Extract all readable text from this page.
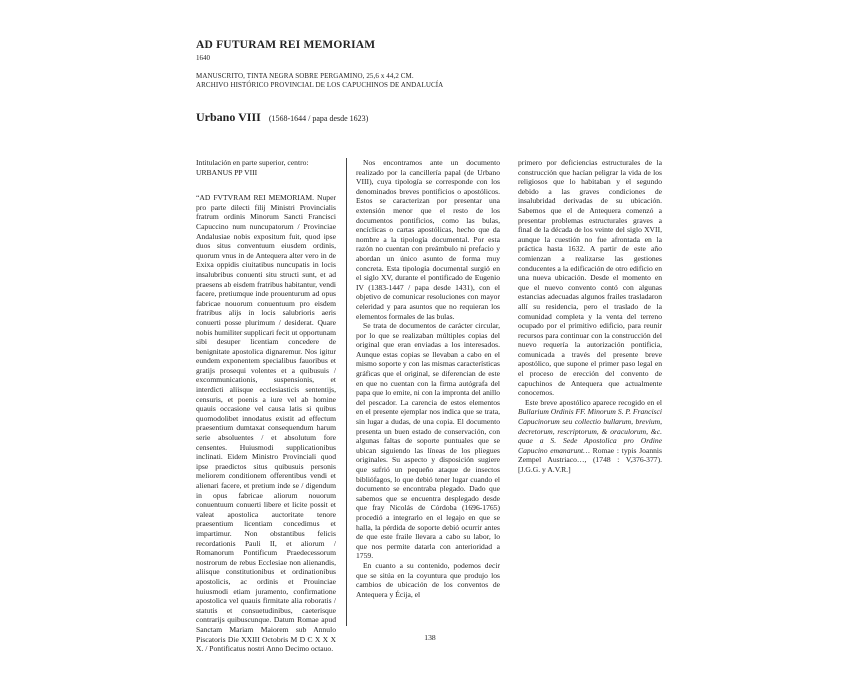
AD FUTURAM REI MEMORIAM
1640
MANUSCRITO, TINTA NEGRA SOBRE PERGAMINO, 25,6 x 44,2 CM.
ARCHIVO HISTÓRICO PROVINCIAL DE LOS CAPUCHINOS DE ANDALUCÍA
Urbano VIII (1568-1644 / papa desde 1623)
Intitulación en parte superior, centro:
URBANUS PP VIII

“AD FVTVRAM REI MEMORIAM. Nuper pro parte dilecti filij Ministri Provincialis fratrum ordinis Minorum Sancti Francisci Capuccino num nuncupatorum / Provinciae Andalusiae nobis expositum fuit, quod ipse duos situs conventuum eiusdem ordinis, quorum vnus in de Antequera alter vero in de Exixa oppidis ciuitatibus nuncupatis in locis insalubribus conuenti situ structi sunt, et ad praesens ab eisdem fratribus habitantur, vendi facere, pretiumque inde prouenturum ad opus fabricae nouorum conuentuum pro eisdem fratribus alijs in locis salubrioris aeris conuerti posse plurimum / desiderat. Quare nobis humiliter supplicari fecit ut opportunam sibi desuper licentiam concedere de benignitate apostolica dignaremur. Nos igitur eundem exponentem specialibus fauoribus et gratijs prosequi volentes et a quibusuis / excommunicationis, suspensionis, et interdicti aliisque ecclesiasticis sententijs, censuris, et poenis a iure vel ab homine quauis occasione vel causa latis si quibus quomodolibet innodatus existit ad effectum praesentium dumtaxat consequendum harum serie absoluentes / et absolutum fore censentes. Huiusmodi supplicationibus inclinati. Eidem Ministro Provinciali quod ipse praedictos situs quibusuis personis meliorem conditionem offerentibus vendi et alienari facere, et pretium inde se / digendum in opus fabricae aliorum nouorum conuentuum conuerti libere et licite possit et valeat apostolica auctoritate tenore praesentium licentiam concedimus et impartimur. Non obstantibus felicis recordationis Pauli II, et aliorum / Romanorum Pontificum Praedecessorum nostrorum de rebus Ecclesiae non alienandis, aliisque constitutionibus et ordinationibus apostolicis, ac ordinis et Prouinciae huiusmodi etiam juramento, confirmatione apostolica vel quauis firmitate alia roboratis / statutis et consuetudinibus, caeterisque contrarijs quibuscunque. Datum Romae apud Sanctam Mariam Maiorem sub Annulo Piscatoris Die XXIII Octobris M D C X X X X. / Pontificatus nostri Anno Decimo octauo.

Nos encontramos ante un documento realizado por la cancillería papal (de Urbano VIII), cuya tipología se corresponde con los denominados breves pontificios o apostólicos. Estos se caracterizan por presentar una extensión menor que el resto de los documentos pontificios, como las bulas, encíclicas o cartas apostólicas, hecho que da nombre a la tipología documental. Por esta razón no cuentan con preámbulo ni prefacio y abordan un único asunto de forma muy concreta. Esta tipología documental surgió en el siglo XV, durante el pontificado de Eugenio IV (1383-1447 / papa desde 1431), con el objetivo de comunicar resoluciones con mayor celeridad y para asuntos que no requieran los elementos formales de las bulas.

Se trata de documentos de carácter circular, por lo que se realizaban múltiples copias del original que eran enviadas a los interesados. Aunque estas copias se llevaban a cabo en el mismo soporte y con las mismas características gráficas que el original, se diferencian de este en que no cuentan con la firma autógrafa del papa que lo emite, ni con la impronta del anillo del pescador. La carencia de estos elementos en el presente ejemplar nos indica que se trata, sin lugar a dudas, de una copia. El documento presenta un buen estado de conservación, con algunas faltas de soporte puntuales que se ubican siguiendo las líneas de los pliegues originales. Su aspecto y disposición sugiere que sufrió un pequeño ataque de insectos bibliófagos, lo que debió tener lugar cuando el documento se encontraba plegado. Dado que sabemos que se encuentra desplegado desde que fray Nicolás de Córdoba (1696-1765) procedió a integrarlo en el legajo en que se halla, la pérdida de soporte debió ocurrir antes de que este fraile llevara a cabo su labor, lo que nos permite datarla con anterioridad a 1759.

En cuanto a su contenido, podemos decir que se sitúa en la coyuntura que produjo los cambios de ubicación de los conventos de Antequera y Écija, el

primero por deficiencias estructurales de la construcción que hacían peligrar la vida de los religiosos que lo habitaban y el segundo debido a las graves condiciones de insalubridad derivadas de su ubicación. Sabemos que el de Antequera comenzó a presentar problemas estructurales graves a final de la década de los veinte del siglo XVII, aunque la cuestión no fue afrontada en la práctica hasta 1632. A partir de este año comienzan a realizarse las gestiones conducentes a la edificación de otro edificio en una nueva ubicación. Desde el momento en que el nuevo convento contó con algunas estancias adecuadas algunos frailes trasladaron allí su residencia, pero el traslado de la comunidad completa y la venta del terreno ocupado por el primitivo edificio, para reunir recursos para continuar con la construcción del nuevo requería la autorización pontificia, comunicada a través del presente breve apostólico, que supone el primer paso legal en el proceso de erección del convento de capuchinos de Antequera que actualmente conocemos.

Este breve apostólico aparece recogido en el Bullarium Ordinis FF. Minorum S. P. Francisci Capucinorum seu collectio bullarum, brevium, decretorum, rescriptorum, & oraculorum, &c. quae a S. Sede Apostolica pro Ordine Capucino emanarunt… Romae : typis Joannis Zempel Austriaco…, (1748 : V,376-377). [J.G.G. y A.V.R.]

138
